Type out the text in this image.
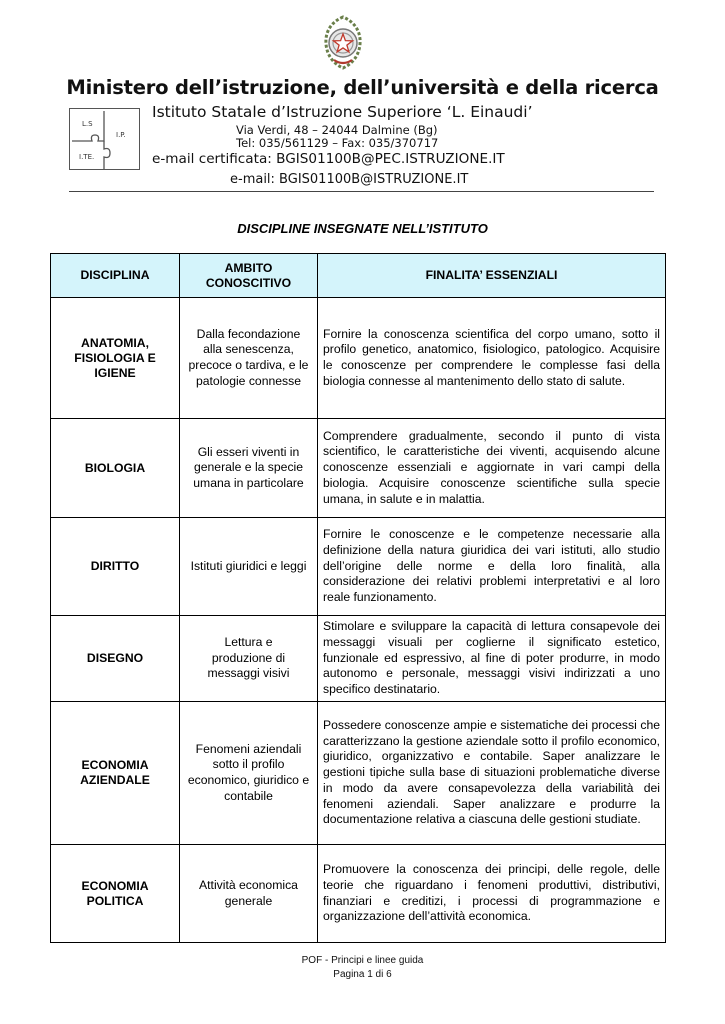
Ministero dell’istruzione, dell’università e della ricerca
L.S
I.P.
I.TE.
Istituto Statale d’Istruzione Superiore ‘L. Einaudi’
Via Verdi, 48 – 24044 Dalmine (Bg)
Tel: 035/561129 – Fax: 035/370717
e-mail certificata: BGIS01100B@PEC.ISTRUZIONE.IT
e-mail: BGIS01100B@ISTRUZIONE.IT
DISCIPLINE INSEGNATE NELL’ISTITUTO
DISCIPLINA	AMBITO CONOSCITIVO	FINALITA’ ESSENZIALI

ANATOMIA, FISIOLOGIA E IGIENE	Dalla fecondazione alla senescenza, precoce o tardiva, e le patologie connesse	Fornire la conoscenza scientifica del corpo umano, sotto il profilo genetico, anatomico, fisiologico, patologico. Acquisire le conoscenze per comprendere le complesse fasi della biologia connesse al mantenimento dello stato di salute.

BIOLOGIA	Gli esseri viventi in generale e la specie umana in particolare	Comprendere gradualmente, secondo il punto di vista scientifico, le caratteristiche dei viventi, acquisendo alcune conoscenze essenziali e aggiornate in vari campi della biologia. Acquisire conoscenze scientifiche sulla specie umana, in salute e in malattia.

DIRITTO	Istituti giuridici e leggi	Fornire le conoscenze e le competenze necessarie alla definizione della natura giuridica dei vari istituti, allo studio dell’origine delle norme e della loro finalità, alla considerazione dei relativi problemi interpretativi e al loro reale funzionamento.

DISEGNO	Lettura e produzione di messaggi visivi	Stimolare e sviluppare la capacità di lettura consapevole dei messaggi visuali per coglierne il significato estetico, funzionale ed espressivo, al fine di poter produrre, in modo autonomo e personale, messaggi visivi indirizzati a uno specifico destinatario.

ECONOMIA AZIENDALE	Fenomeni aziendali sotto il profilo economico, giuridico e contabile	Possedere conoscenze ampie e sistematiche dei processi che caratterizzano la gestione aziendale sotto il profilo economico, giuridico, organizzativo e contabile. Saper analizzare le gestioni tipiche sulla base di situazioni problematiche diverse in modo da avere consapevolezza della variabilità dei fenomeni aziendali. Saper analizzare e produrre la documentazione relativa a ciascuna delle gestioni studiate.

ECONOMIA POLITICA	Attività economica generale	Promuovere la conoscenza dei principi, delle regole, delle teorie che riguardano i fenomeni produttivi, distributivi, finanziari e creditizi, i processi di programmazione e organizzazione dell’attività economica.
POF - Principi e linee guida
Pagina 1 di 6
